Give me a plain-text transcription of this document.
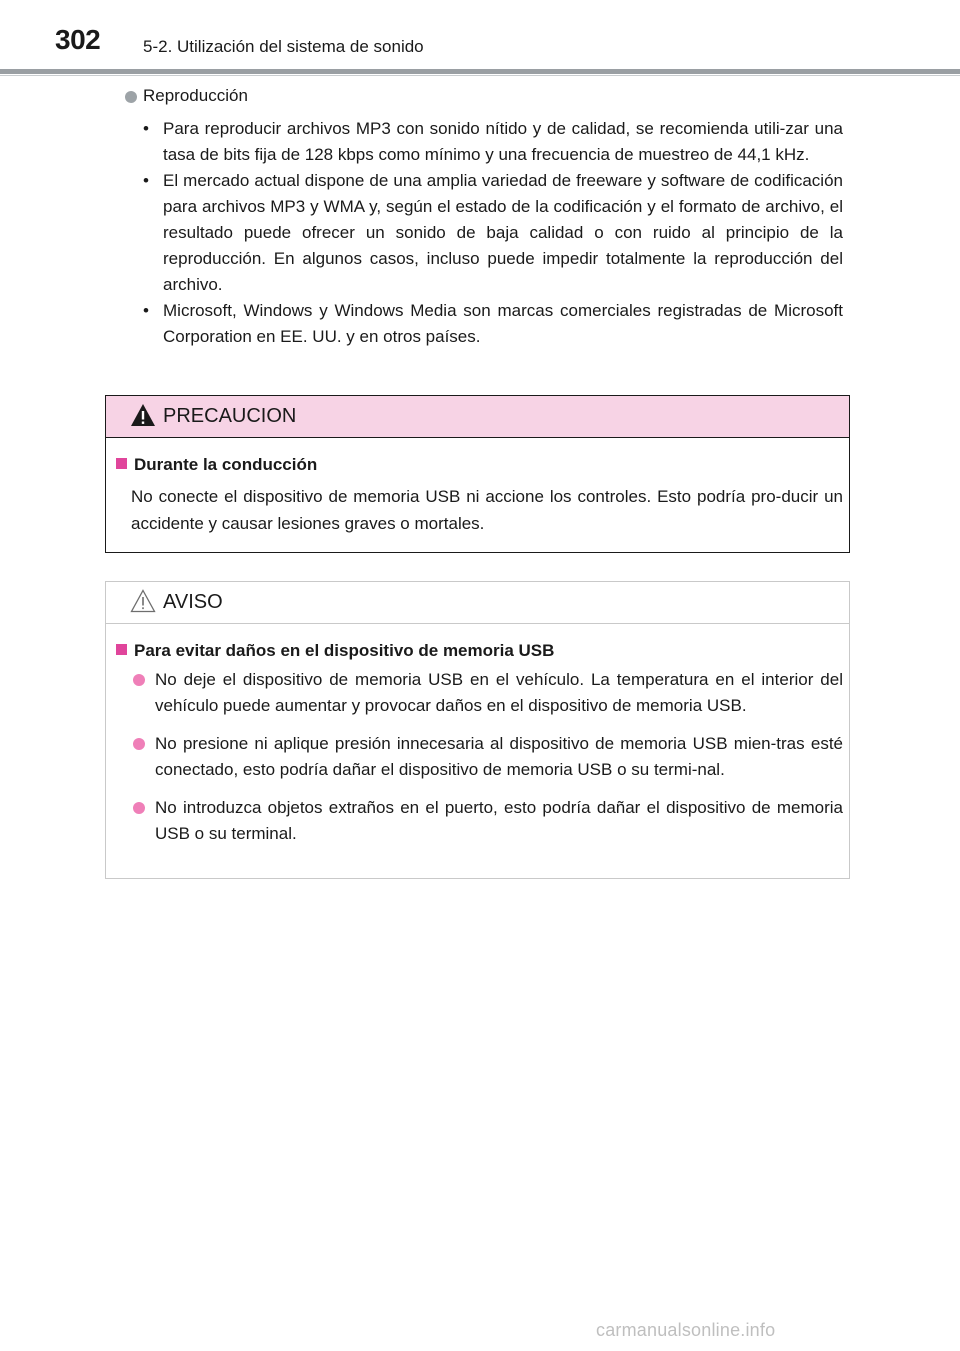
302	5-2. Utilización del sistema de sonido
Reproducción
• Para reproducir archivos MP3 con sonido nítido y de calidad, se recomienda utili-zar una tasa de bits fija de 128 kbps como mínimo y una frecuencia de muestreo de 44,1 kHz.
• El mercado actual dispone de una amplia variedad de freeware y software de codificación para archivos MP3 y WMA y, según el estado de la codificación y el formato de archivo, el resultado puede ofrecer un sonido de baja calidad o con ruido al principio de la reproducción. En algunos casos, incluso puede impedir totalmente la reproducción del archivo.
• Microsoft, Windows y Windows Media son marcas comerciales registradas de Microsoft Corporation en EE. UU. y en otros países.
PRECAUCION
Durante la conducción
No conecte el dispositivo de memoria USB ni accione los controles. Esto podría pro-ducir un accidente y causar lesiones graves o mortales.
AVISO
Para evitar daños en el dispositivo de memoria USB
No deje el dispositivo de memoria USB en el vehículo. La temperatura en el interior del vehículo puede aumentar y provocar daños en el dispositivo de memoria USB.
No presione ni aplique presión innecesaria al dispositivo de memoria USB mien-tras esté conectado, esto podría dañar el dispositivo de memoria USB o su termi-nal.
No introduzca objetos extraños en el puerto, esto podría dañar el dispositivo de memoria USB o su terminal.
carmanualsonline.info
